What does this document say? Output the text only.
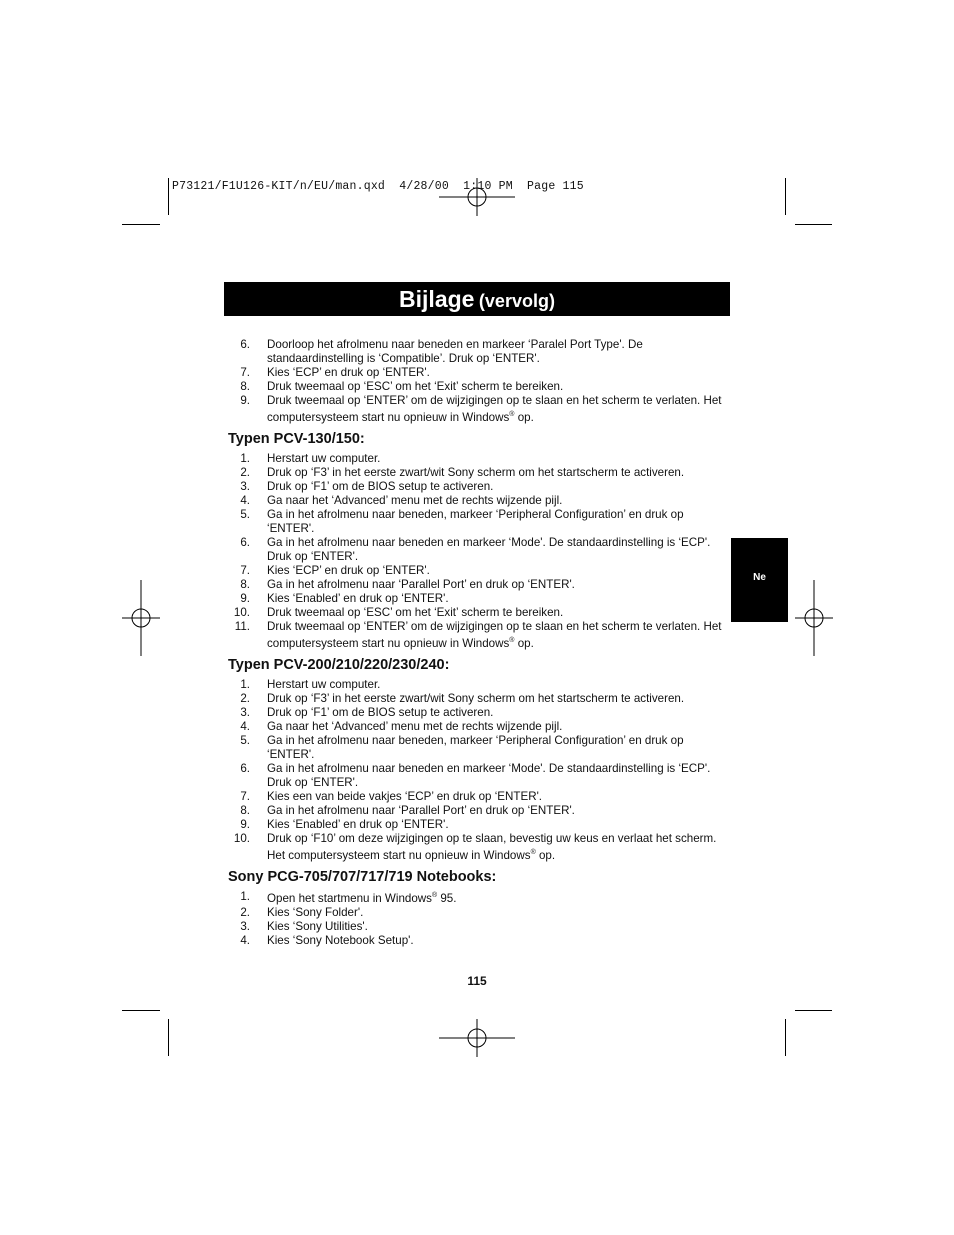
P73121/F1U126-KIT/n/EU/man.qxd  4/28/00  1:10 PM  Page 115
Bijlage (vervolg)
Ne
6. Doorloop het afrolmenu naar beneden en markeer ‘Paralel Port Type'. De standaardinstelling is ‘Compatible’. Druk op ‘ENTER'.
7. Kies ‘ECP’ en druk op ‘ENTER'.
8. Druk tweemaal op ‘ESC’ om het ‘Exit’ scherm te bereiken.
9. Druk tweemaal op ‘ENTER’ om de wijzigingen op te slaan en het scherm te verlaten. Het computersysteem start nu opnieuw in Windows® op.
Typen PCV-130/150:
1. Herstart uw computer.
2. Druk op ‘F3’ in het eerste zwart/wit Sony scherm om het startscherm te activeren.
3. Druk op ‘F1’ om de BIOS setup te activeren.
4. Ga naar het ‘Advanced’ menu met de rechts wijzende pijl.
5. Ga in het afrolmenu naar beneden, markeer ‘Peripheral Configuration’ en druk op ‘ENTER'.
6. Ga in het afrolmenu naar beneden en markeer ‘Mode'. De standaardinstelling is ‘ECP'. Druk op ‘ENTER'.
7. Kies ‘ECP’ en druk op ‘ENTER'.
8. Ga in het afrolmenu naar ‘Parallel Port’ en druk op ‘ENTER'.
9. Kies ‘Enabled’ en druk op ‘ENTER'.
10. Druk tweemaal op ‘ESC’ om het ‘Exit’ scherm te bereiken.
11. Druk tweemaal op ‘ENTER’ om de wijzigingen op te slaan en het scherm te verlaten. Het computersysteem start nu opnieuw in Windows® op.
Typen PCV-200/210/220/230/240:
1. Herstart uw computer.
2. Druk op ‘F3’ in het eerste zwart/wit Sony scherm om het startscherm te activeren.
3. Druk op ‘F1’ om de BIOS setup te activeren.
4. Ga naar het ‘Advanced’ menu met de rechts wijzende pijl.
5. Ga in het afrolmenu naar beneden, markeer ‘Peripheral Configuration’ en druk op ‘ENTER'.
6. Ga in het afrolmenu naar beneden en markeer ‘Mode'. De standaardinstelling is ‘ECP'. Druk op ‘ENTER'.
7. Kies een van beide vakjes ‘ECP’ en druk op ‘ENTER'.
8. Ga in het afrolmenu naar ‘Parallel Port’ en druk op ‘ENTER'.
9. Kies ‘Enabled’ en druk op ‘ENTER'.
10. Druk op ‘F10’ om deze wijzigingen op te slaan, bevestig uw keus en verlaat het scherm. Het computersysteem start nu opnieuw in Windows® op.
Sony PCG-705/707/717/719 Notebooks:
1. Open het startmenu in Windows® 95.
2. Kies ‘Sony Folder'.
3. Kies ‘Sony Utilities'.
4. Kies ‘Sony Notebook Setup'.
115
